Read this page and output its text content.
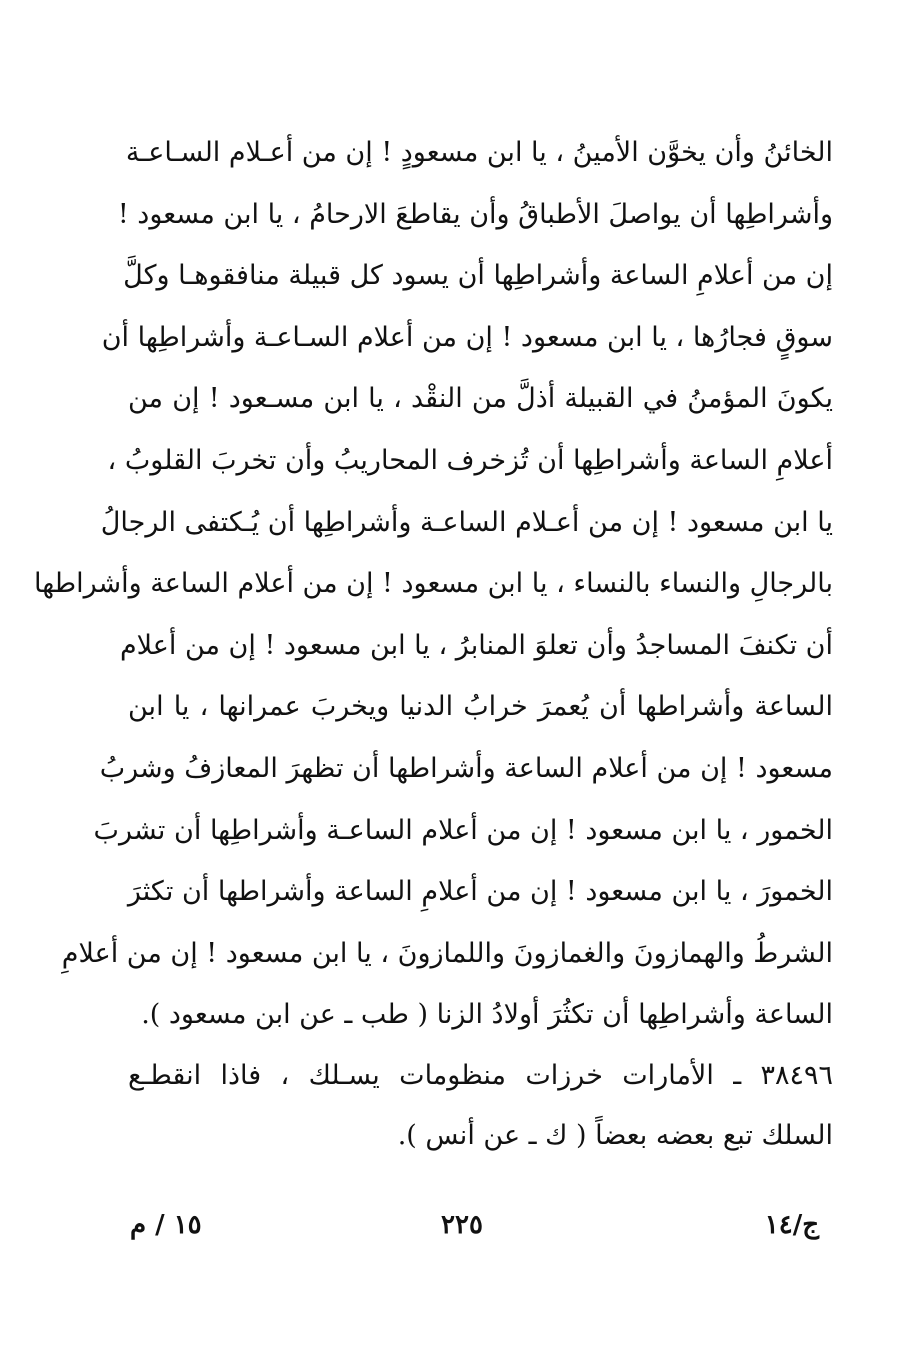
الخائنُ وأن يخوَّن الأمينُ ، يا ابن مسعودٍ ! إن من أعـلام السـاعـة
وأشراطِها أن يواصلَ الأطباقُ وأن يقاطعَ الارحامُ ، يا ابن مسعود !
إن من أعلامِ الساعة وأشراطِها أن يسود كل قبيلة منافقوهـا وكلَّ
سوقٍ فجارُها ، يا ابن مسعود ! إن من أعلام السـاعـة وأشراطِها أن
يكونَ المؤمنُ في القبيلة أذلَّ من النقْد ، يا ابن مسـعود ! إن من
أعلامِ الساعة وأشراطِها أن تُزخرف المحاريبُ وأن تخربَ القلوبُ ،
يا ابن مسعود ! إن من أعـلام الساعـة وأشراطِها أن يُـكتفى الرجالُ
بالرجالِ والنساء بالنساء ، يا ابن مسعود ! إن من أعلام الساعة وأشراطها
أن تكنفَ المساجدُ وأن تعلوَ المنابرُ ، يا ابن مسعود ! إن من أعلام
الساعة وأشراطها أن يُعمرَ خرابُ الدنيا ويخربَ عمرانها ، يا ابن
مسعود ! إن من أعلام الساعة وأشراطها أن تظهرَ المعازفُ وشربُ
الخمور ، يا ابن مسعود ! إن من أعلام الساعـة وأشراطِها أن تشربَ
الخمورَ ، يا ابن مسعود ! إن من أعلامِ الساعة وأشراطها أن تكثرَ
الشرطُ والهمازونَ والغمازونَ واللمازونَ ، يا ابن مسعود ! إن من أعلامِ
الساعة وأشراطِها أن تكثُرَ أولادُ الزنا ( طب ـ عن ابن مسعود ).
٣٨٤٩٦ ـ الأمارات خرزات منظومات يسـلك ، فاذا انقطـع
السلك تبع بعضه بعضاً ( ك ـ عن أنس ).
١٥ / م	٢٢٥	ج/١٤
